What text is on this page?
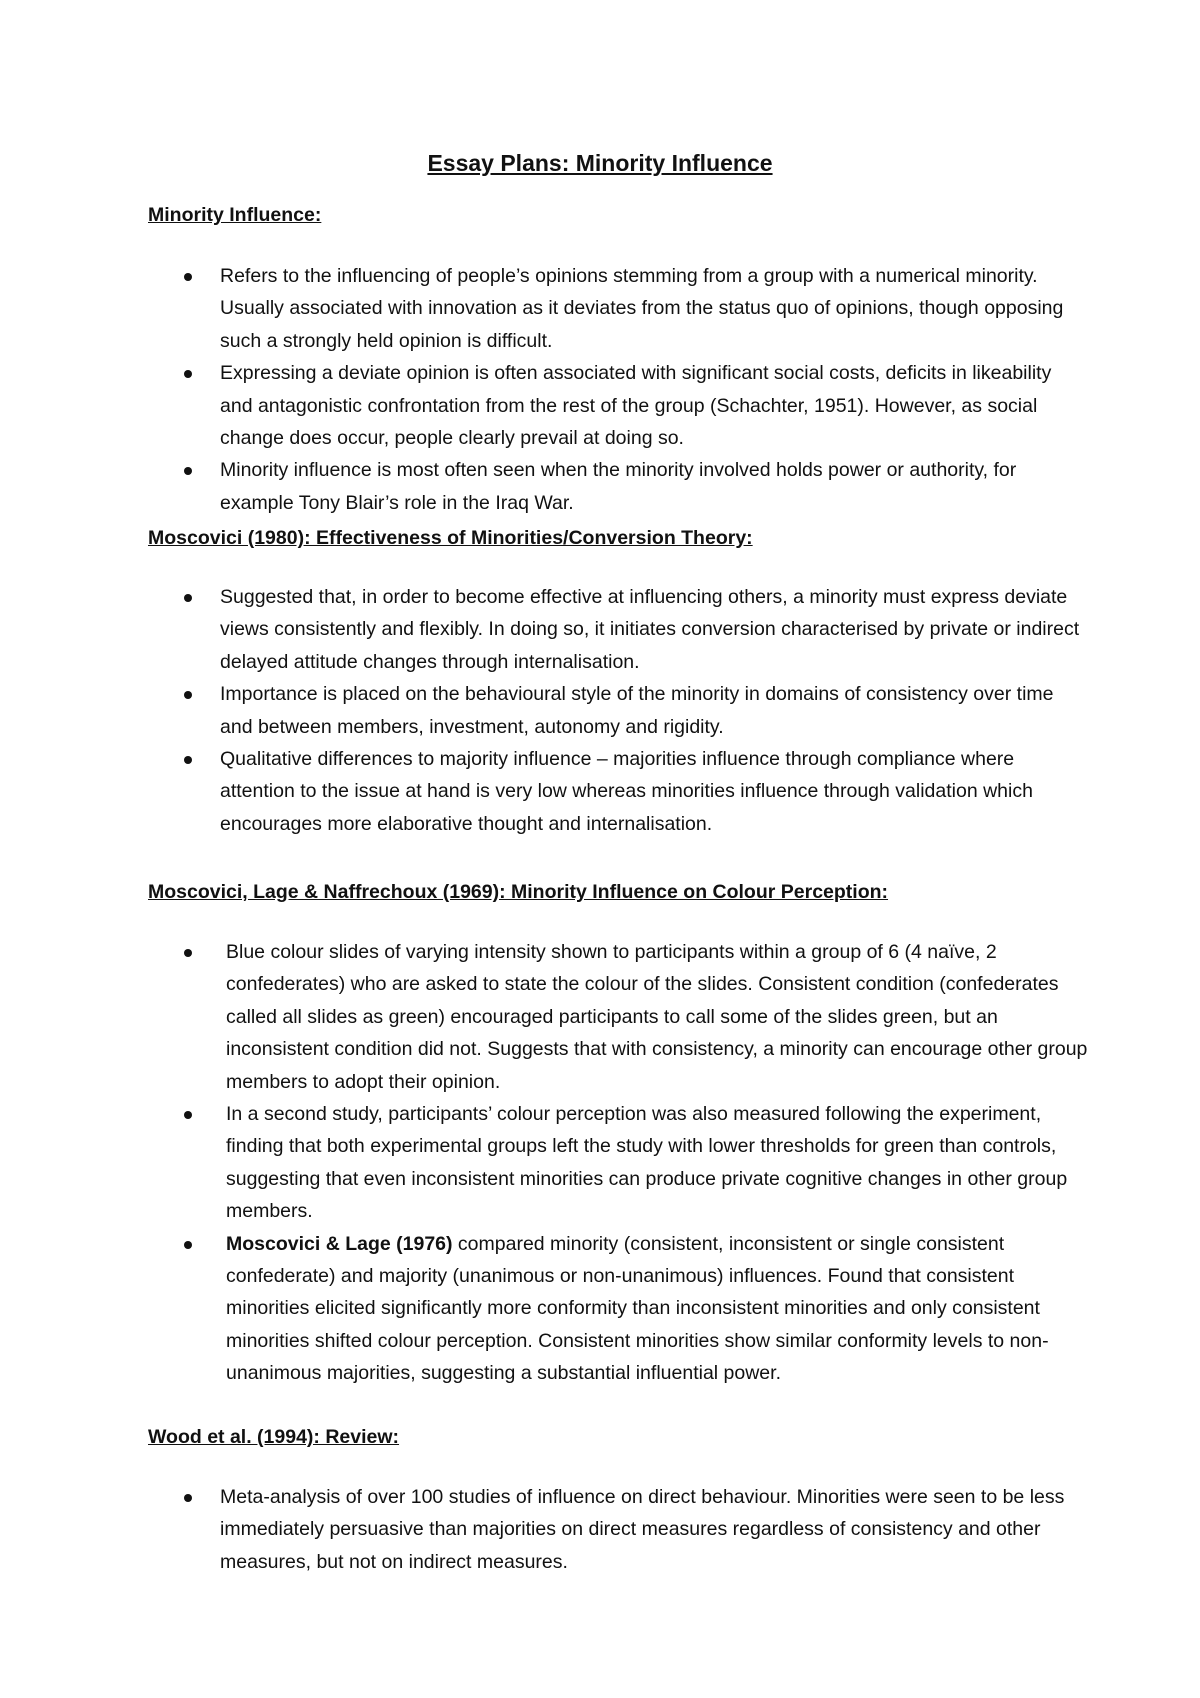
Essay Plans: Minority Influence

Minority Influence:

Refers to the influencing of people’s opinions stemming from a group with a numerical minority. Usually associated with innovation as it deviates from the status quo of opinions, though opposing such a strongly held opinion is difficult.
Expressing a deviate opinion is often associated with significant social costs, deficits in likeability and antagonistic confrontation from the rest of the group (Schachter, 1951). However, as social change does occur, people clearly prevail at doing so.
Minority influence is most often seen when the minority involved holds power or authority, for example Tony Blair’s role in the Iraq War.

Moscovici (1980): Effectiveness of Minorities/Conversion Theory:

Suggested that, in order to become effective at influencing others, a minority must express deviate views consistently and flexibly. In doing so, it initiates conversion characterised by private or indirect delayed attitude changes through internalisation.
Importance is placed on the behavioural style of the minority in domains of consistency over time and between members, investment, autonomy and rigidity.
Qualitative differences to majority influence – majorities influence through compliance where attention to the issue at hand is very low whereas minorities influence through validation which encourages more elaborative thought and internalisation.

Moscovici, Lage & Naffrechoux (1969): Minority Influence on Colour Perception:

Blue colour slides of varying intensity shown to participants within a group of 6 (4 naïve, 2 confederates) who are asked to state the colour of the slides. Consistent condition (confederates called all slides as green) encouraged participants to call some of the slides green, but an inconsistent condition did not. Suggests that with consistency, a minority can encourage other group members to adopt their opinion.
In a second study, participants’ colour perception was also measured following the experiment, finding that both experimental groups left the study with lower thresholds for green than controls, suggesting that even inconsistent minorities can produce private cognitive changes in other group members.
Moscovici & Lage (1976) compared minority (consistent, inconsistent or single consistent confederate) and majority (unanimous or non-unanimous) influences. Found that consistent minorities elicited significantly more conformity than inconsistent minorities and only consistent minorities shifted colour perception. Consistent minorities show similar conformity levels to non-unanimous majorities, suggesting a substantial influential power.

Wood et al. (1994): Review:

Meta-analysis of over 100 studies of influence on direct behaviour. Minorities were seen to be less immediately persuasive than majorities on direct measures regardless of consistency and other measures, but not on indirect measures.
